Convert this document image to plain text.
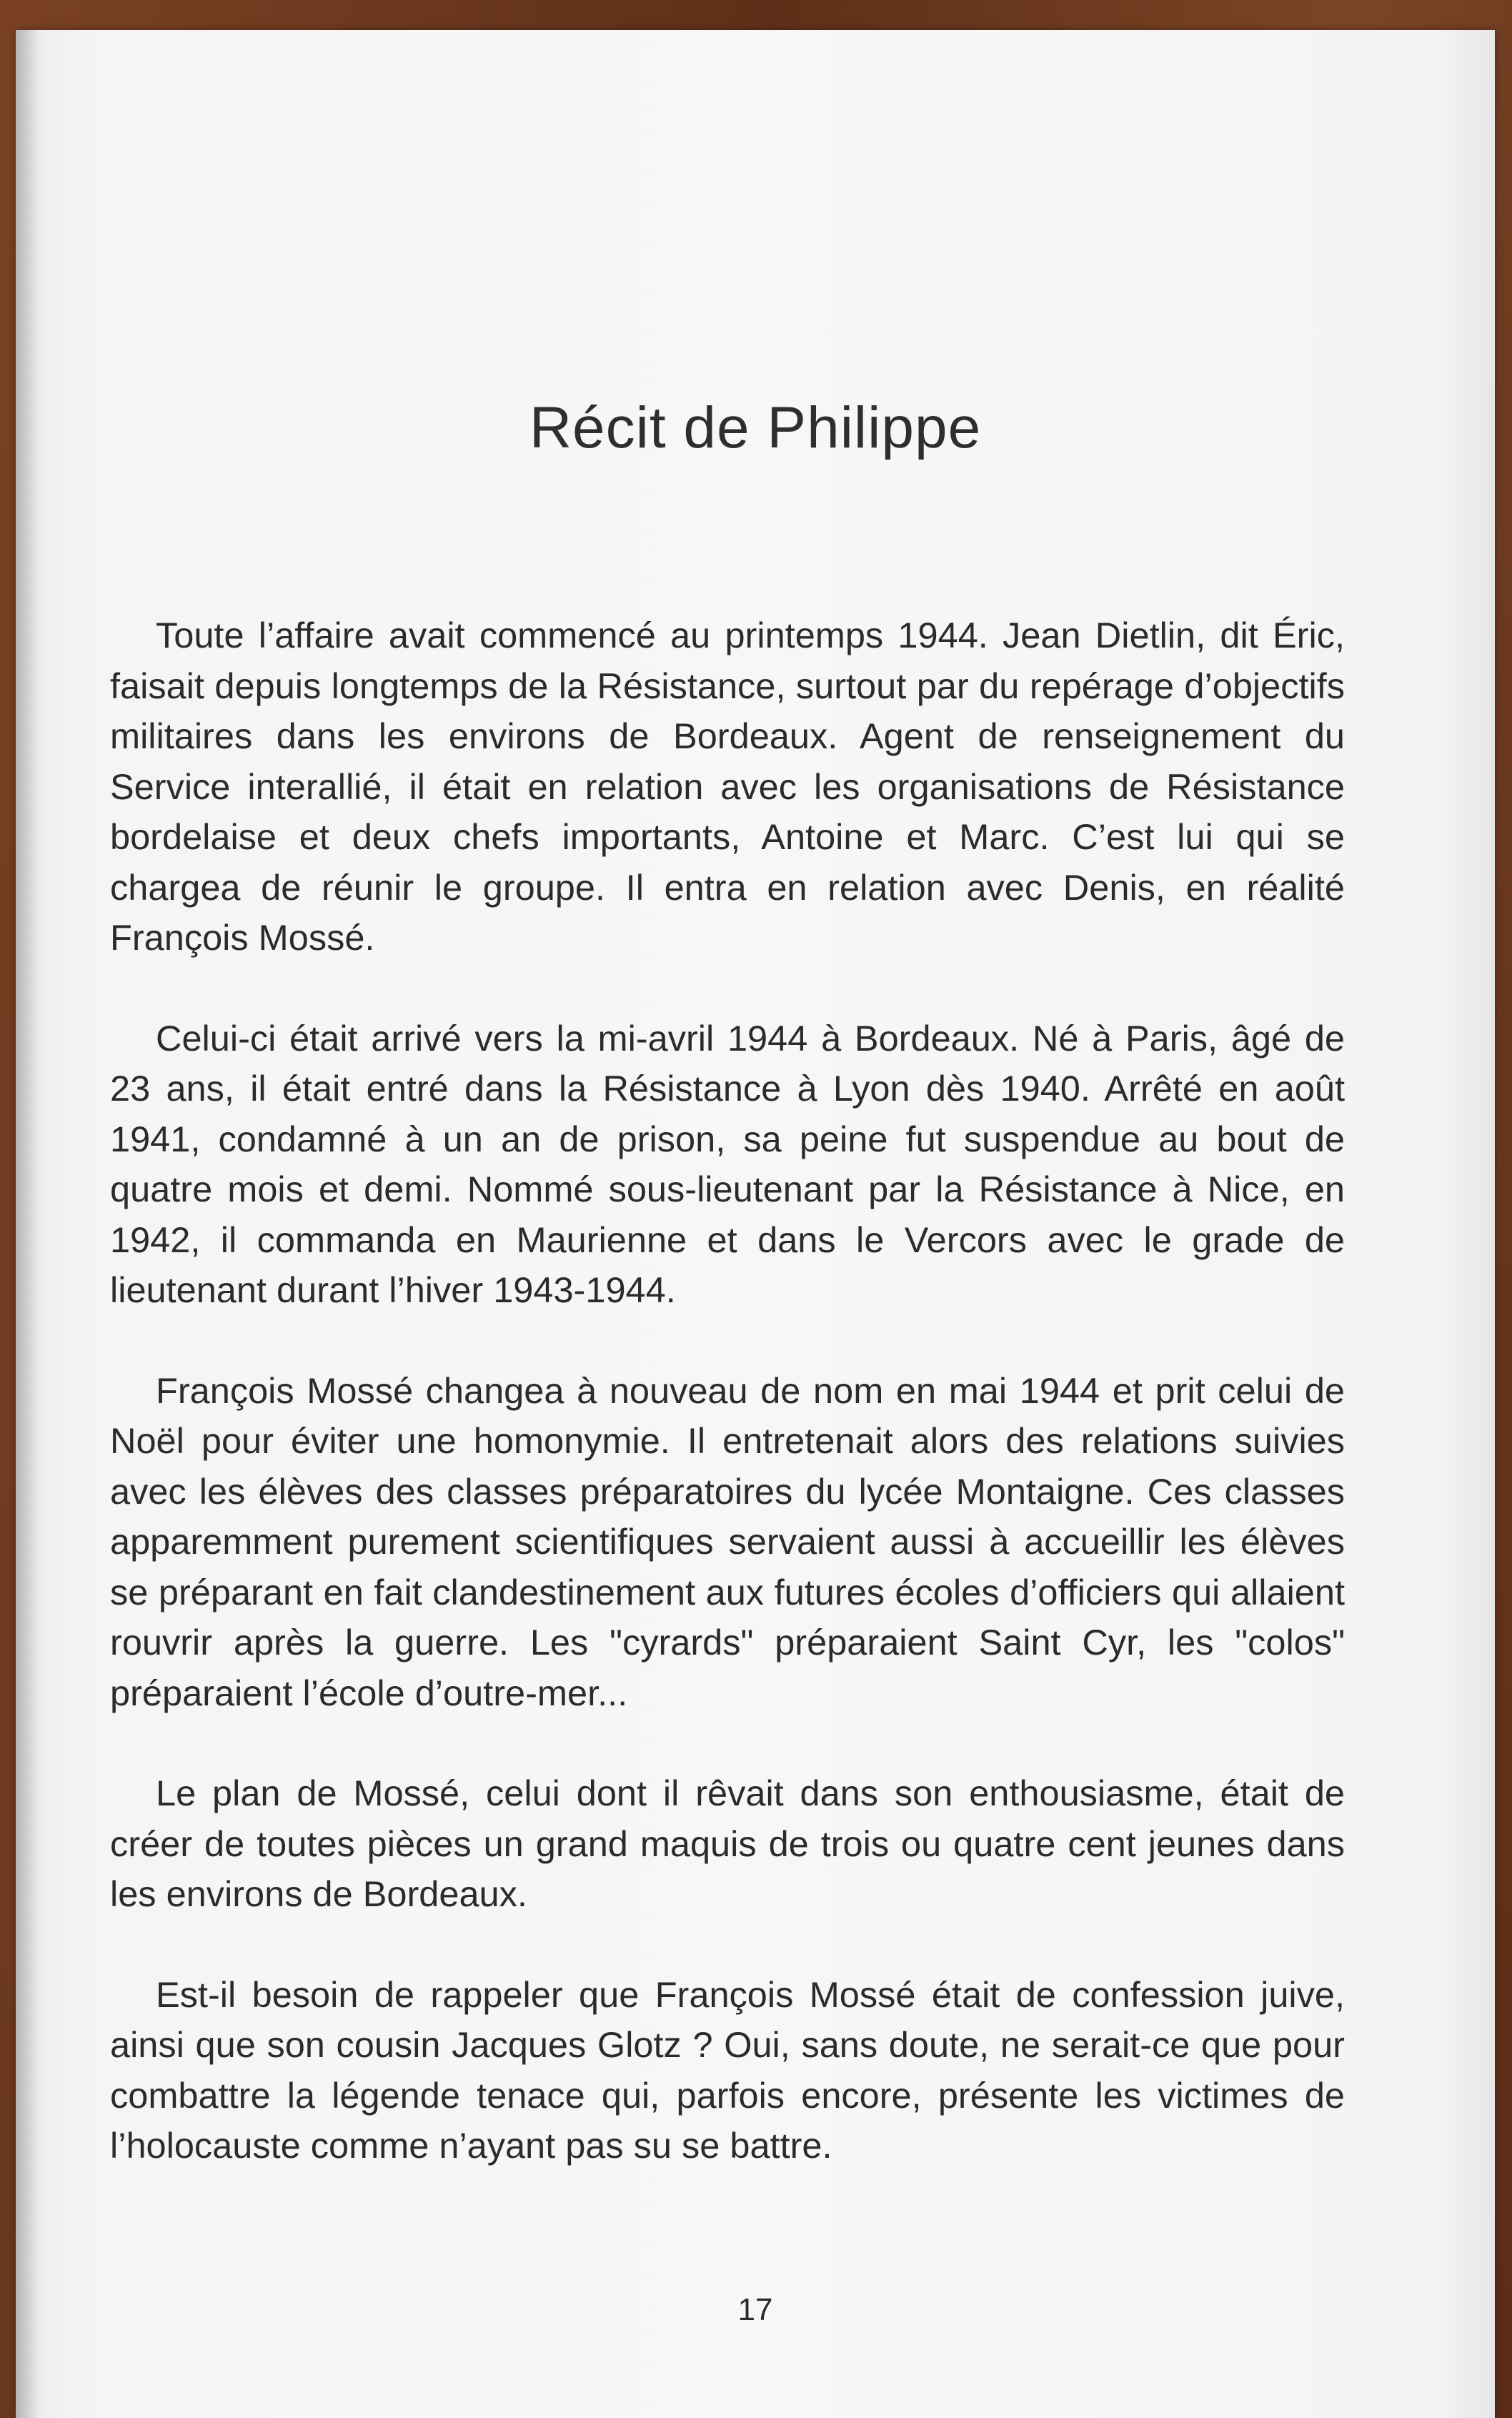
Récit de Philippe

Toute l’affaire avait commencé au printemps 1944. Jean Dietlin, dit Éric, faisait depuis longtemps de la Résistance, surtout par du repérage d’objectifs militaires dans les environs de Bordeaux. Agent de renseignement du Service interallié, il était en relation avec les organisations de Résistance bordelaise et deux chefs importants, Antoine et Marc. C’est lui qui se chargea de réunir le groupe. Il entra en relation avec Denis, en réalité François Mossé.

Celui-ci était arrivé vers la mi-avril 1944 à Bordeaux. Né à Paris, âgé de 23 ans, il était entré dans la Résistance à Lyon dès 1940. Arrêté en août 1941, condamné à un an de prison, sa peine fut suspendue au bout de quatre mois et demi. Nommé sous-lieutenant par la Résistance à Nice, en 1942, il commanda en Maurienne et dans le Vercors avec le grade de lieutenant durant l’hiver 1943-1944.

François Mossé changea à nouveau de nom en mai 1944 et prit celui de Noël pour éviter une homonymie. Il entretenait alors des relations suivies avec les élèves des classes préparatoires du lycée Montaigne. Ces classes apparemment purement scientifiques servaient aussi à accueillir les élèves se préparant en fait clandestinement aux futures écoles d’officiers qui allaient rouvrir après la guerre. Les "cyrards" préparaient Saint Cyr, les "colos" préparaient l’école d’outre-mer...

Le plan de Mossé, celui dont il rêvait dans son enthousiasme, était de créer de toutes pièces un grand maquis de trois ou quatre cent jeunes dans les environs de Bordeaux.

Est-il besoin de rappeler que François Mossé était de confession juive, ainsi que son cousin Jacques Glotz ? Oui, sans doute, ne serait-ce que pour combattre la légende tenace qui, parfois encore, présente les victimes de l’holocauste comme n’ayant pas su se battre.

17
